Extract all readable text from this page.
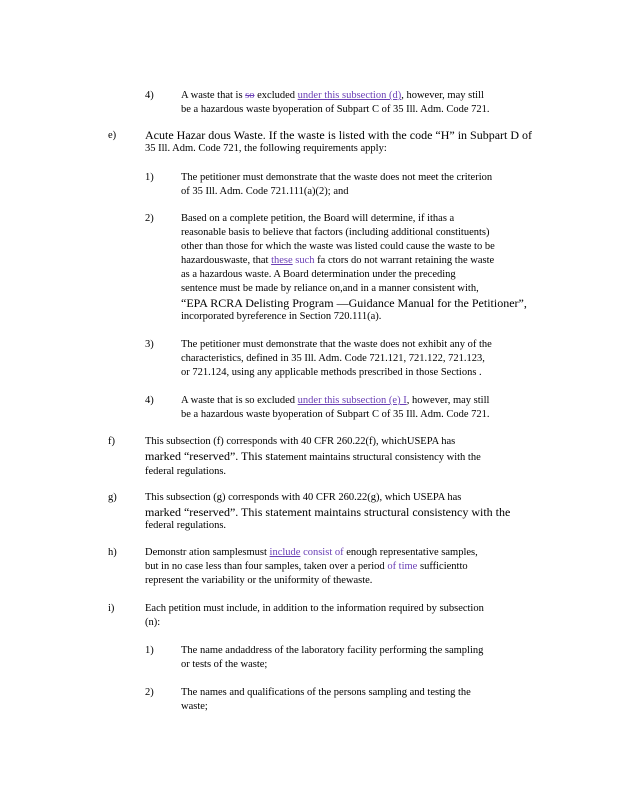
4)	A waste that is so excluded under this subsection (d), however, may still
be a hazardous waste byoperation of Subpart C of 35 Ill. Adm. Code 721.
e) Acute Hazar dous Waste. If the waste is listed with the code “H” in Subpart D of
35 Ill. Adm. Code 721, the following requirements apply:
1)	The petitioner must demonstrate that the waste does not meet the criterion
of 35 Ill. Adm. Code 721.111(a)(2); and
2)	Based on a complete petition, the Board will determine, if ithas a
reasonable basis to believe that factors (including additional constituents)
other than those for which the waste was listed could cause the waste to be
hazardouswaste, that these such fa ctors do not warrant retaining the waste
as a hazardous waste. A Board determination under the preceding
sentence must be made by reliance on,and in a manner consistent with,
“EPA RCRA Delisting Program —Guidance Manual for the Petitioner”,
incorporated byreference in Section 720.111(a).
3)	The petitioner must demonstrate that the waste does not exhibit any of the
characteristics, defined in 35 Ill. Adm. Code 721.121, 721.122, 721.123,
or 721.124, using any applicable methods prescribed in those Sections .
4)	A waste that is so excluded under this subsection (e) I, however, may still
be a hazardous waste byoperation of Subpart C of 35 Ill. Adm. Code 721.
f)	This subsection (f) corresponds with 40 CFR 260.22(f), whichUSEPA has
marked “reserved”. This statement maintains structural consistency with the
federal regulations.
g)	This subsection (g) corresponds with 40 CFR 260.22(g), which USEPA has
marked “reserved”. This statement maintains structural consistency with the
federal regulations.
h)	Demonstr ation samplesmust include consist of enough representative samples,
but in no case less than four samples, taken over a period of time sufficientto
represent the variability or the uniformity of thewaste.
i)	Each petition must include, in addition to the information required by subsection
(n):
1)	The name andaddress of the laboratory facility performing the sampling
or tests of the waste;
2)	The names and qualifications of the persons sampling and testing the
waste;
